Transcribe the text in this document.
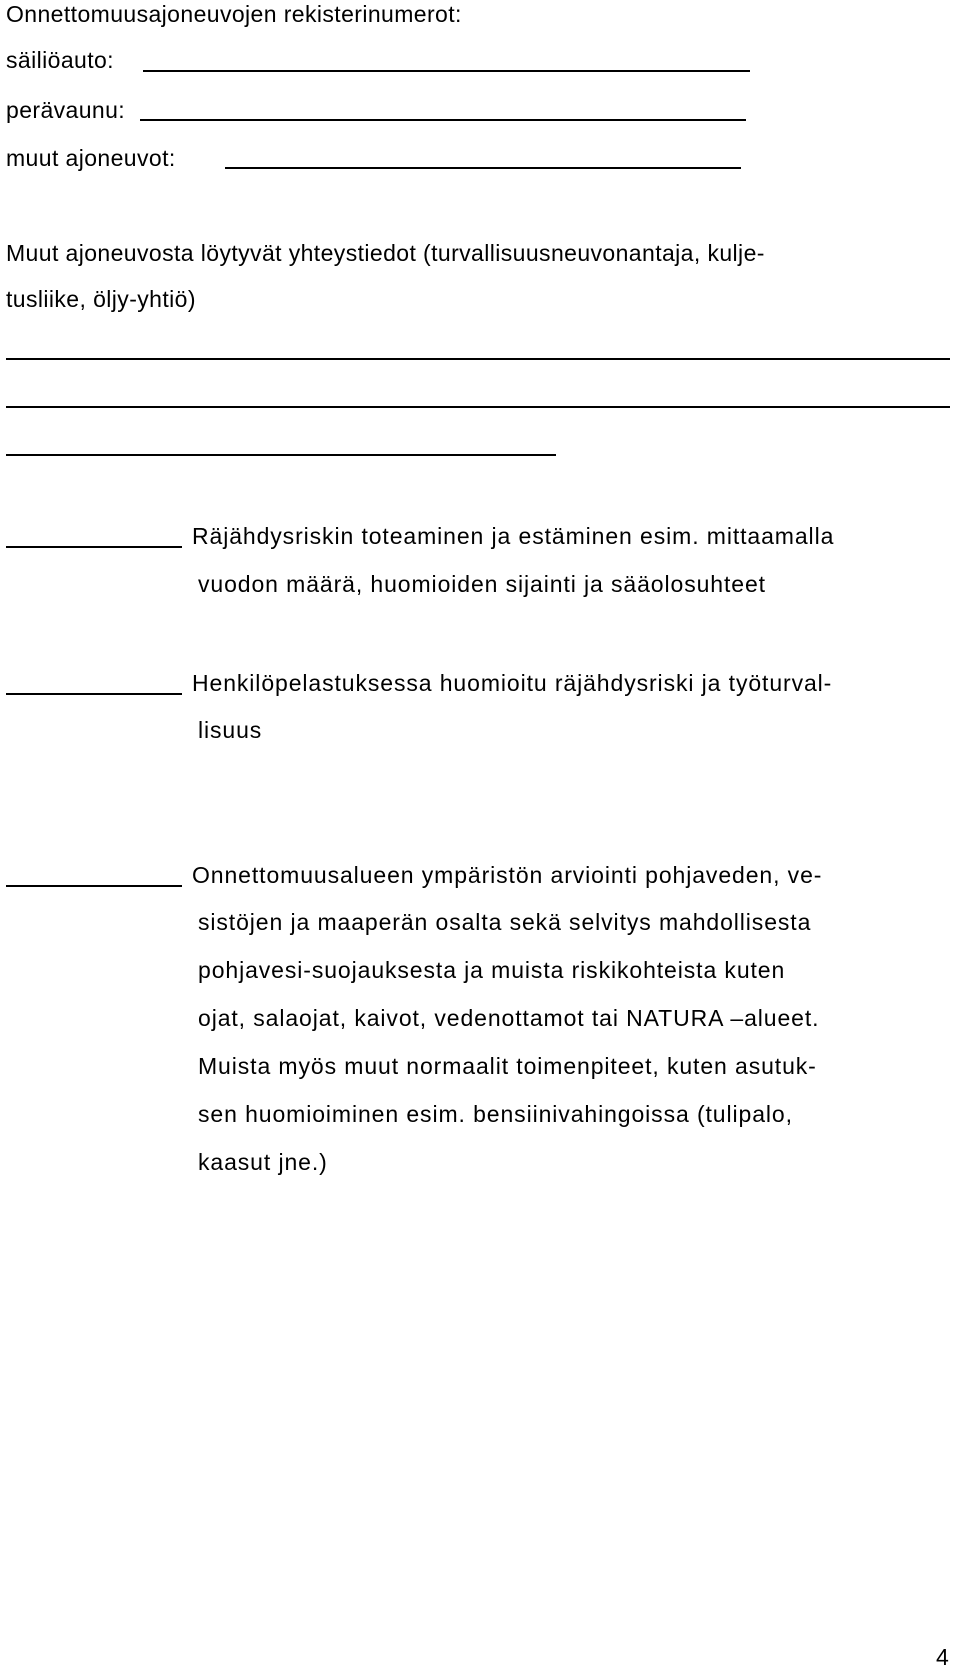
Onnettomuusajoneuvojen rekisterinumerot:
säiliöauto:
perävaunu:
muut ajoneuvot:
Muut ajoneuvosta löytyvät yhteystiedot (turvallisuusneuvonantaja, kulje-
tusliike, öljy-yhtiö)
Räjähdysriskin toteaminen ja estäminen esim. mittaamalla
vuodon määrä, huomioiden sijainti ja sääolosuhteet
Henkilöpelastuksessa huomioitu räjähdysriski ja työturval-
lisuus
Onnettomuusalueen ympäristön arviointi pohjaveden, ve-
sistöjen ja maaperän osalta sekä selvitys mahdollisesta
pohjavesi-suojauksesta ja muista riskikohteista kuten
ojat, salaojat, kaivot, vedenottamot tai NATURA –alueet.
Muista myös muut normaalit toimenpiteet, kuten asutuk-
sen huomioiminen esim. bensiinivahingoissa (tulipalo,
kaasut jne.)
4
